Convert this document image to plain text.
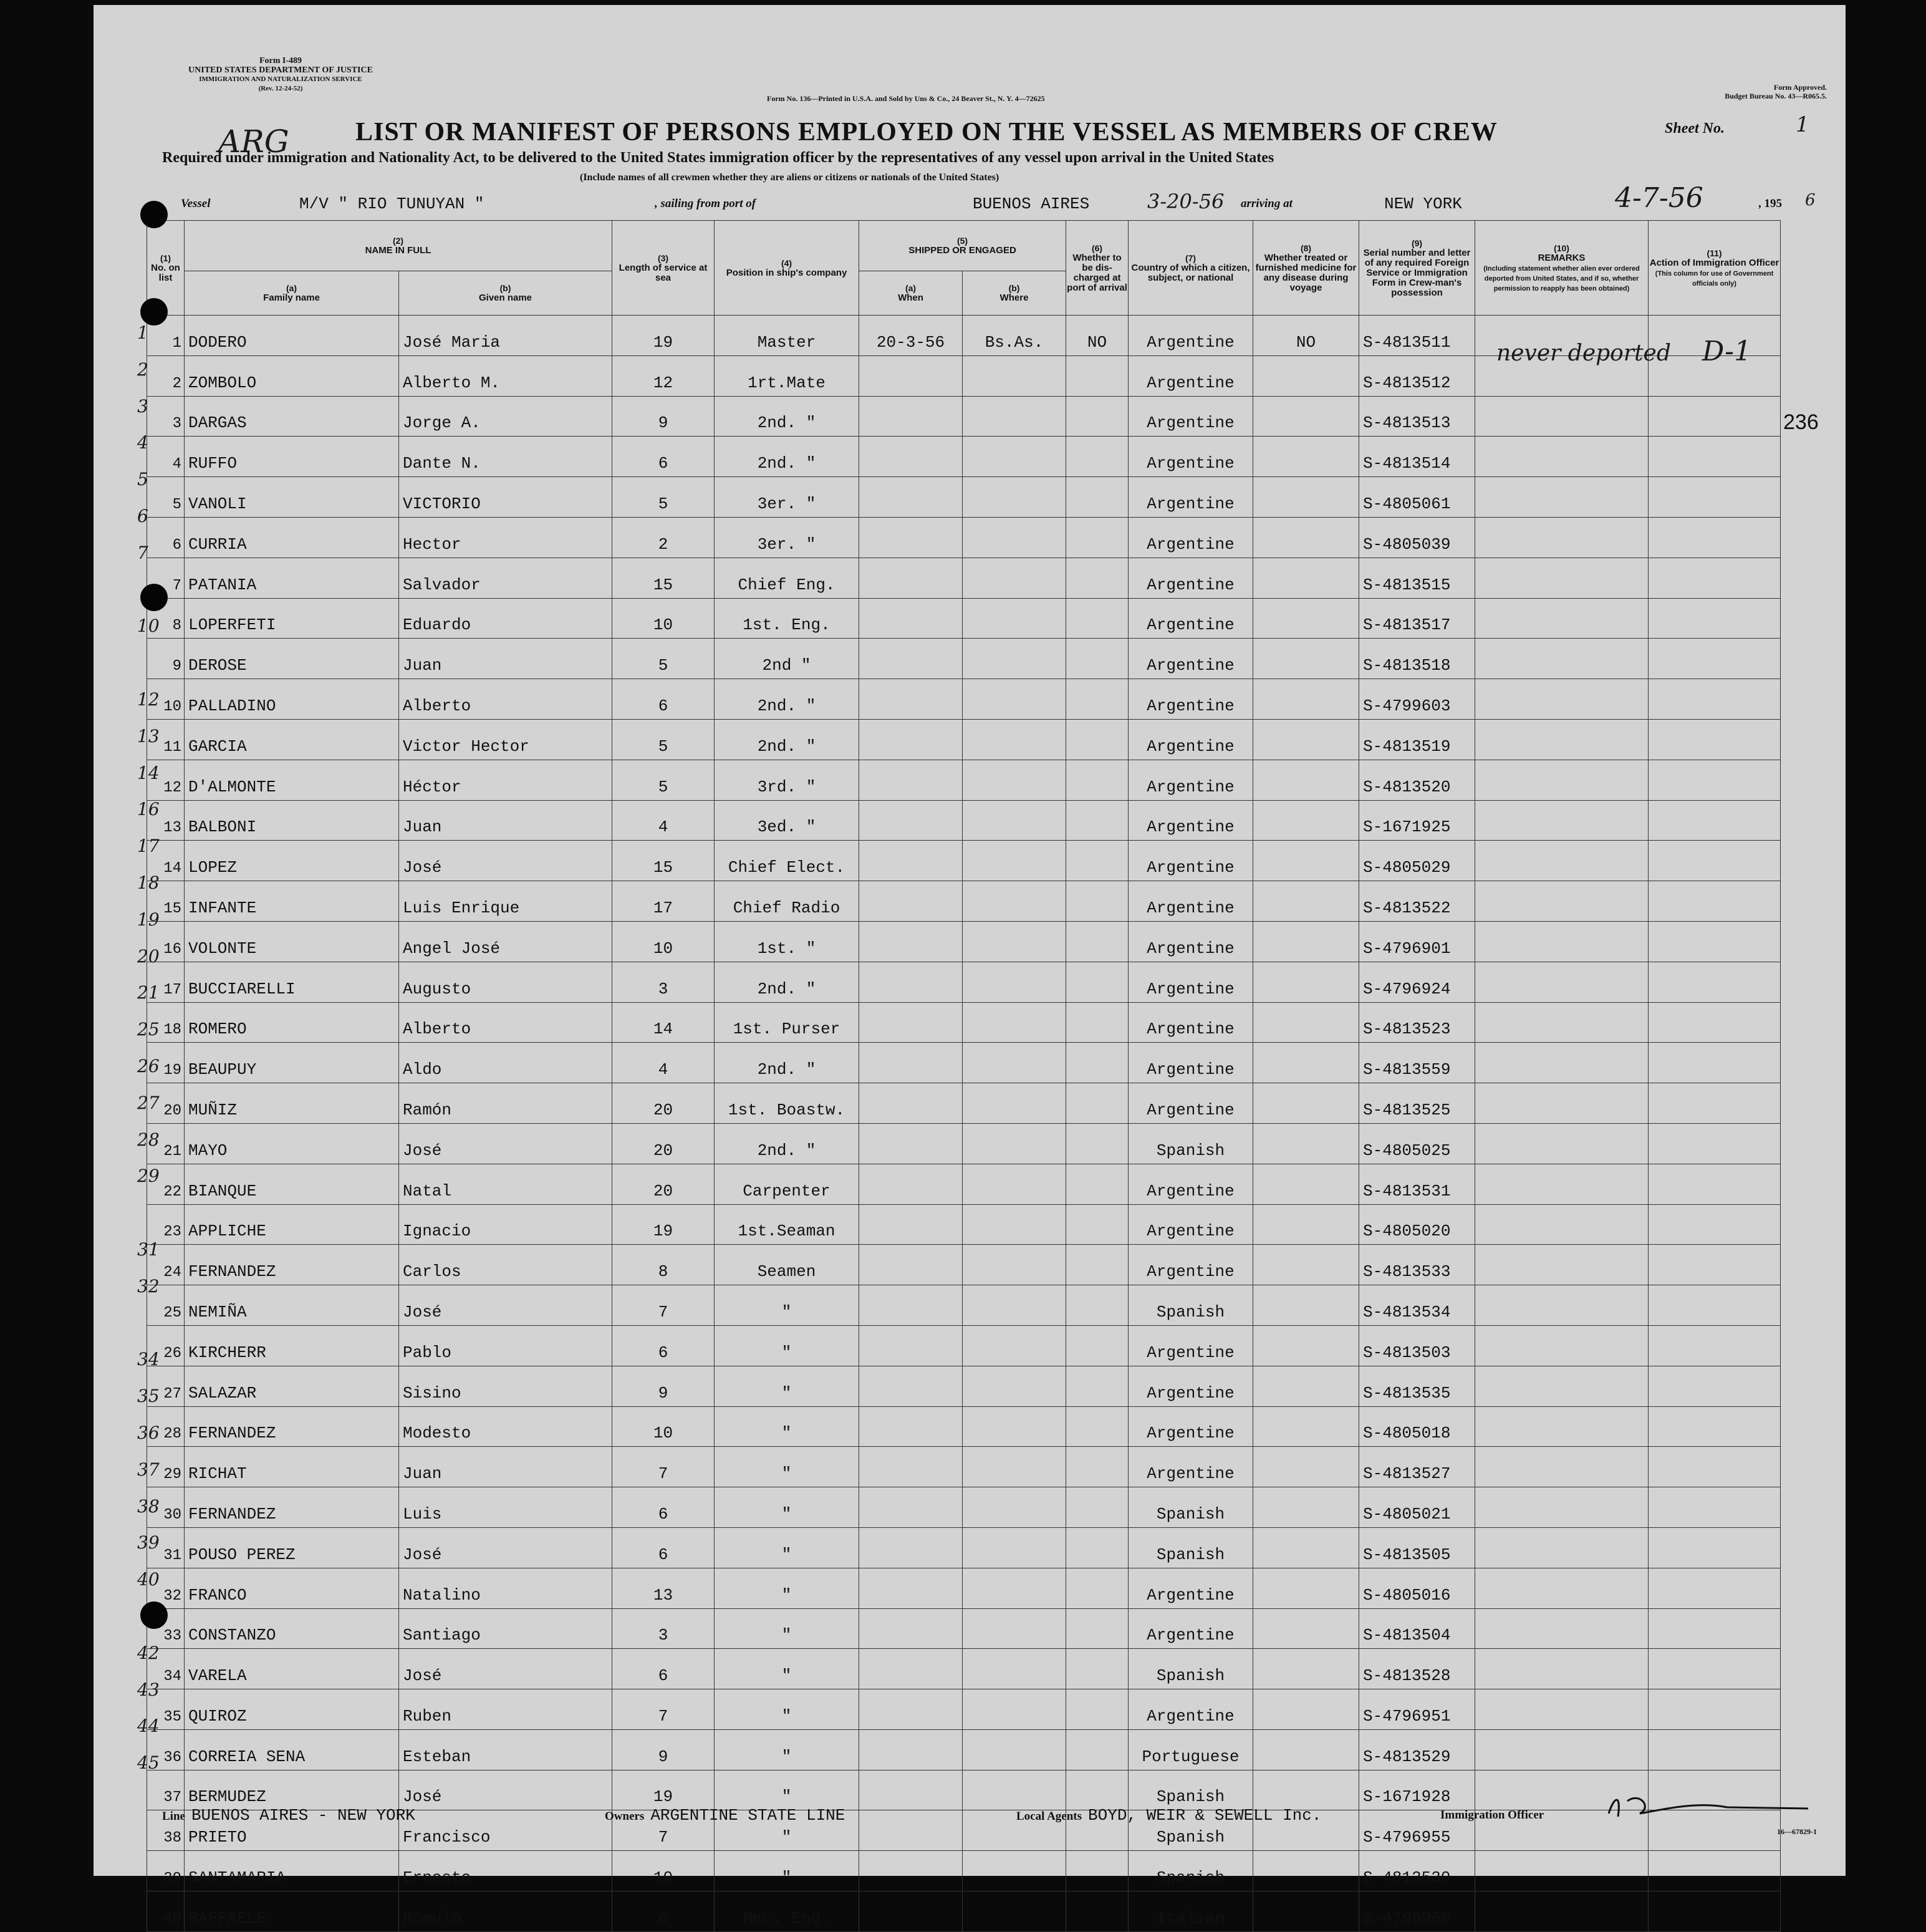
Form I-489
UNITED STATES DEPARTMENT OF JUSTICE
IMMIGRATION AND NATURALIZATION SERVICE
(Rev. 12-24-52)
Form No. 136—Printed in U.S.A. and Sold by Uns & Co., 24 Beaver St., N. Y. 4—72625
Form Approved.
Budget Bureau No. 43—R065.5.
ARG	LIST OR MANIFEST OF PERSONS EMPLOYED ON THE VESSEL AS MEMBERS OF CREW	Sheet No.	1
Required under immigration and Nationality Act, to be delivered to the United States immigration officer by the representatives of any vessel upon arrival in the United States
(Include names of all crewmen whether they are aliens or citizens or nationals of the United States)
Vessel	M/V " RIO TUNUYAN "	, sailing from port of	BUENOS AIRES	3-20-56 arriving at	NEW YORK	4-7-56	, 195 6
(1)
No. on list	(2)
NAME IN FULL		(3)
Length of service at sea	(4)
Position in ship's company	(5)
SHIPPED OR ENGAGED		(6)
Whether to be dis-charged at port of arrival	(7)
Country of which a citizen, subject, or national	(8)
Whether treated or furnished medicine for any disease during voyage	(9)
Serial number and letter of any required Foreign Service or Immigration Form in Crew-man's possession	(10)
REMARKS
(Including statement whether alien ever ordered deported from United States, and if so, whether permission to reapply has been obtained)	(11)
Action of Immigration Officer
(This column for use of Government officials only)

	(a)
Family name	(b)
Given name			(a)
When	(b)
Where						
1	DODERO	José Maria	19	Master	20-3-56	Bs.As.	NO	Argentine	NO	S-4813511		
2	ZOMBOLO	Alberto M.	12	1rt.Mate				Argentine		S-4813512		
3	DARGAS	Jorge A.	9	2nd. "				Argentine		S-4813513		
4	RUFFO	Dante N.	6	2nd. "				Argentine		S-4813514		
5	VANOLI	VICTORIO	5	3er. "				Argentine		S-4805061		
6	CURRIA	Hector	2	3er. "				Argentine		S-4805039		
7	PATANIA	Salvador	15	Chief Eng.				Argentine		S-4813515		
8	LOPERFETI	Eduardo	10	1st. Eng.				Argentine		S-4813517		
9	DEROSE	Juan	5	2nd "				Argentine		S-4813518		
10	PALLADINO	Alberto	6	2nd. "				Argentine		S-4799603		
11	GARCIA	Victor Hector	5	2nd. "				Argentine		S-4813519		
12	D'ALMONTE	Héctor	5	3rd. "				Argentine		S-4813520		
13	BALBONI	Juan	4	3ed. "				Argentine		S-1671925		
14	LOPEZ	José	15	Chief Elect.				Argentine		S-4805029		
15	INFANTE	Luis Enrique	17	Chief Radio				Argentine		S-4813522		
16	VOLONTE	Angel José	10	1st. "				Argentine		S-4796901		
17	BUCCIARELLI	Augusto	3	2nd. "				Argentine		S-4796924		
18	ROMERO	Alberto	14	1st. Purser				Argentine		S-4813523		
19	BEAUPUY	Aldo	4	2nd. "				Argentine		S-4813559		
20	MUÑIZ	Ramón	20	1st. Boastw.				Argentine		S-4813525		
21	MAYO	José	20	2nd. "				Spanish		S-4805025		
22	BIANQUE	Natal	20	Carpenter				Argentine		S-4813531		
23	APPLICHE	Ignacio	19	1st.Seaman				Argentine		S-4805020		
24	FERNANDEZ	Carlos	8	Seamen				Argentine		S-4813533		
25	NEMIÑA	José	7	"				Spanish		S-4813534		
26	KIRCHERR	Pablo	6	"				Argentine		S-4813503		
27	SALAZAR	Sisino	9	"				Argentine		S-4813535		
28	FERNANDEZ	Modesto	10	"				Argentine		S-4805018		
29	RICHAT	Juan	7	"				Argentine		S-4813527		
30	FERNANDEZ	Luis	6	"				Spanish		S-4805021		
31	POUSO PEREZ	José	6	"				Spanish		S-4813505		
32	FRANCO	Natalino	13	"				Argentine		S-4805016		
33	CONSTANZO	Santiago	3	"				Argentine		S-4813504		
34	VARELA	José	6	"				Spanish		S-4813528		
35	QUIROZ	Ruben	7	"				Argentine		S-4796951		
36	CORREIA SENA	Esteban	9	"				Portuguese		S-4813529		
37	BERMUDEZ	José	19	"				Spanish		S-1671928		
38	PRIETO	Francisco	7	"				Spanish		S-4796955		
39	SANTAMARIA	Ernesto	10	"				Spanish		S-4813530		
40	RAFFAELE	Rómulo	6	Mec. Eng.				Italian		S-4796960		
never deported D-1
236
Line BUENOS AIRES - NEW YORK	Owners ARGENTINE STATE LINE	Local Agents BOYD, WEIR & SEWELL Inc.	Immigration Officer
16—67829-1
1
2
3
4
5
6
7
10
12
13
14
16
17
18
19
20
21
25
26
27
28
29
31
32
34
35
36
37
38
39
40
42
43
44
45
